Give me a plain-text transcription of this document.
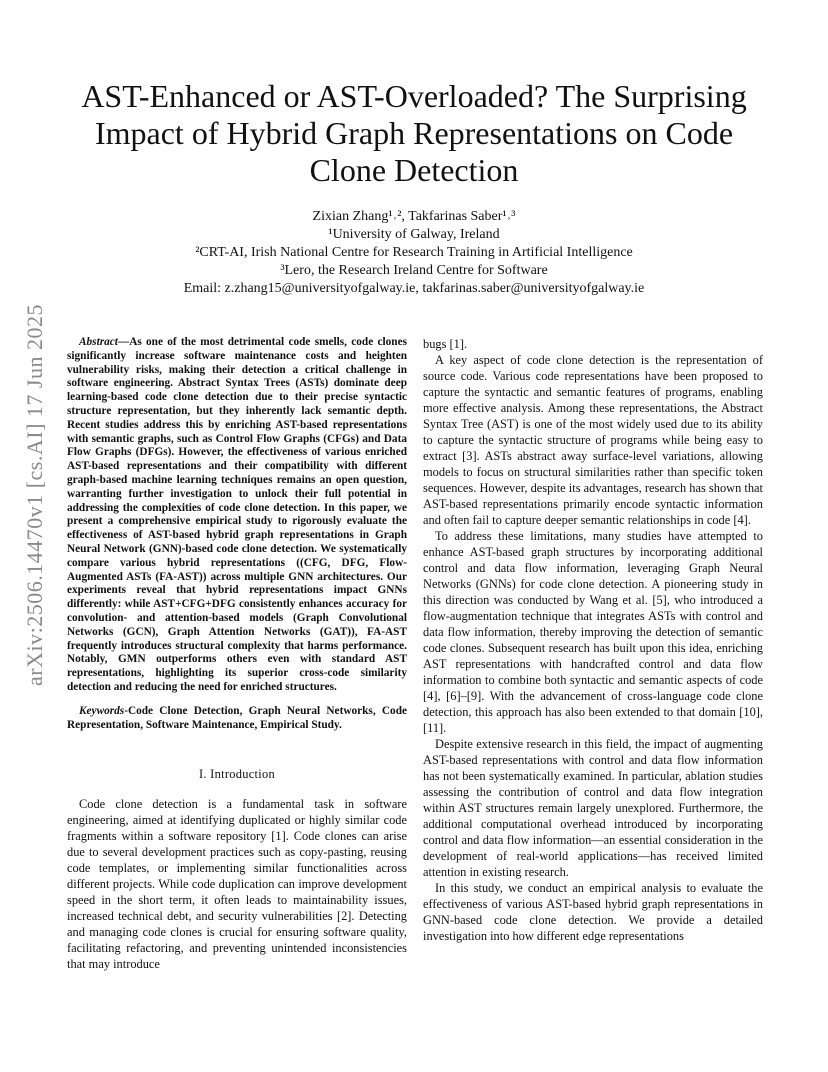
arXiv:2506.14470v1 [cs.AI] 17 Jun 2025
AST-Enhanced or AST-Overloaded? The Surprising Impact of Hybrid Graph Representations on Code Clone Detection
Zixian Zhang¹˒², Takfarinas Saber¹˒³
¹University of Galway, Ireland
²CRT-AI, Irish National Centre for Research Training in Artificial Intelligence
³Lero, the Research Ireland Centre for Software
Email: z.zhang15@universityofgalway.ie, takfarinas.saber@universityofgalway.ie

Abstract—As one of the most detrimental code smells, code clones significantly increase software maintenance costs and heighten vulnerability risks, making their detection a critical challenge in software engineering. Abstract Syntax Trees (ASTs) dominate deep learning-based code clone detection due to their precise syntactic structure representation, but they inherently lack semantic depth. Recent studies address this by enriching AST-based representations with semantic graphs, such as Control Flow Graphs (CFGs) and Data Flow Graphs (DFGs). However, the effectiveness of various enriched AST-based representations and their compatibility with different graph-based machine learning techniques remains an open question, warranting further investigation to unlock their full potential in addressing the complexities of code clone detection. In this paper, we present a comprehensive empirical study to rigorously evaluate the effectiveness of AST-based hybrid graph representations in Graph Neural Network (GNN)-based code clone detection. We systematically compare various hybrid representations ((CFG, DFG, Flow-Augmented ASTs (FA-AST)) across multiple GNN architectures. Our experiments reveal that hybrid representations impact GNNs differently: while AST+CFG+DFG consistently enhances accuracy for convolution- and attention-based models (Graph Convolutional Networks (GCN), Graph Attention Networks (GAT)), FA-AST frequently introduces structural complexity that harms performance. Notably, GMN outperforms others even with standard AST representations, highlighting its superior cross-code similarity detection and reducing the need for enriched structures.

Keywords-Code Clone Detection, Graph Neural Networks, Code Representation, Software Maintenance, Empirical Study.

I. Introduction

Code clone detection is a fundamental task in software engineering, aimed at identifying duplicated or highly similar code fragments within a software repository [1]. Code clones can arise due to several development practices such as copy-pasting, reusing code templates, or implementing similar functionalities across different projects. While code duplication can improve development speed in the short term, it often leads to maintainability issues, increased technical debt, and security vulnerabilities [2]. Detecting and managing code clones is crucial for ensuring software quality, facilitating refactoring, and preventing unintended inconsistencies that may introduce

bugs [1].

A key aspect of code clone detection is the representation of source code. Various code representations have been proposed to capture the syntactic and semantic features of programs, enabling more effective analysis. Among these representations, the Abstract Syntax Tree (AST) is one of the most widely used due to its ability to capture the syntactic structure of programs while being easy to extract [3]. ASTs abstract away surface-level variations, allowing models to focus on structural similarities rather than specific token sequences. However, despite its advantages, research has shown that AST-based representations primarily encode syntactic information and often fail to capture deeper semantic relationships in code [4].

To address these limitations, many studies have attempted to enhance AST-based graph structures by incorporating additional control and data flow information, leveraging Graph Neural Networks (GNNs) for code clone detection. A pioneering study in this direction was conducted by Wang et al. [5], who introduced a flow-augmentation technique that integrates ASTs with control and data flow information, thereby improving the detection of semantic code clones. Subsequent research has built upon this idea, enriching AST representations with handcrafted control and data flow information to combine both syntactic and semantic aspects of code [4], [6]–[9]. With the advancement of cross-language code clone detection, this approach has also been extended to that domain [10], [11].

Despite extensive research in this field, the impact of augmenting AST-based representations with control and data flow information has not been systematically examined. In particular, ablation studies assessing the contribution of control and data flow integration within AST structures remain largely unexplored. Furthermore, the additional computational overhead introduced by incorporating control and data flow information—an essential consideration in the development of real-world applications—has received limited attention in existing research.

In this study, we conduct an empirical analysis to evaluate the effectiveness of various AST-based hybrid graph representations in GNN-based code clone detection. We provide a detailed investigation into how different edge representations
